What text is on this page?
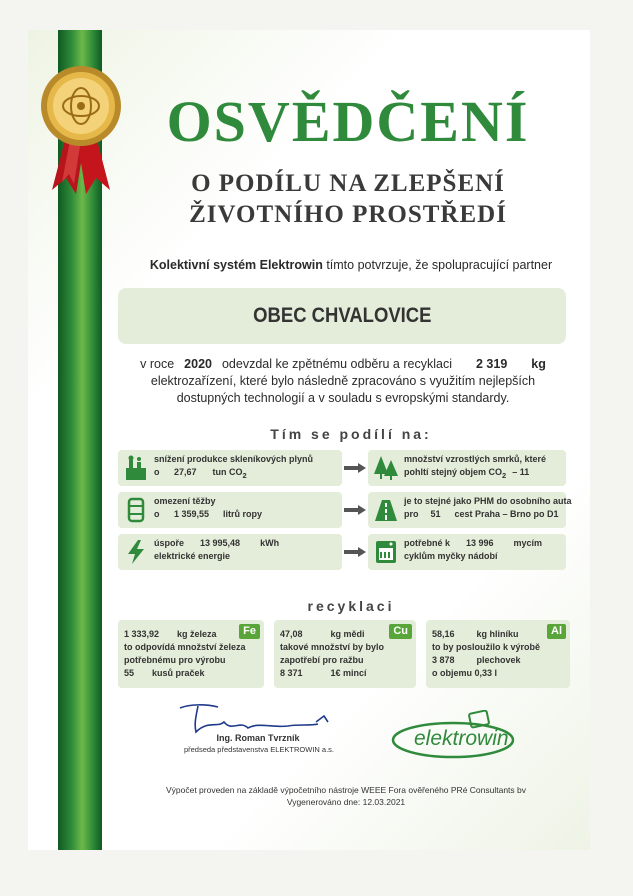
OSVĚDČENÍ
O PODÍLU NA ZLEPŠENÍ
ŽIVOTNÍHO PROSTŘEDÍ
Kolektivní systém Elektrowin tímto potvrzuje, že spolupracující partner
OBEC CHVALOVICE
v roce 2020 odevzdal ke zpětnému odběru a recyklaci 2 319 kg
elektrozařízení, které bylo následně zpracováno s využitím nejlepších
dostupných technologií a v souladu s evropskými standardy.
Tím se podílí na:
snížení produkce skleníkových plynů
o	27,67 tun $CO_2$
množství vzrostlých smrků, které
pohltí stejný objem $CO_2 - 11$
omezení těžby
o	1 359,55 litrů ropy
je to stejné jako PHM do osobního auta
pro 51 cest Praha – Brno po D1
úspoře 13 995,48 kWh
elektrické energie
potřebné k 13 996 mycím
cyklům myčky nádobí
recyklaci
Fe
1 333,92 kg železa
to odpovídá množství železa
potřebnému pro výrobu
55 kusů praček
Cu
47,08	kg mědi
takové množství by bylo
zapotřebí pro ražbu
8 371	1€ mincí
Al
58,16 kg hliníku
to by posloužilo k výrobě
3 878 plechovek
o objemu 0,33 l
Ing. Roman Tvrzník
předseda představenstva ELEKTROWIN a.s.	elektrowin
Výpočet proveden na základě výpočetního nástroje WEEE Fora ověřeného PRé Consultants bv
Vygenerováno dne: 12.03.2021
